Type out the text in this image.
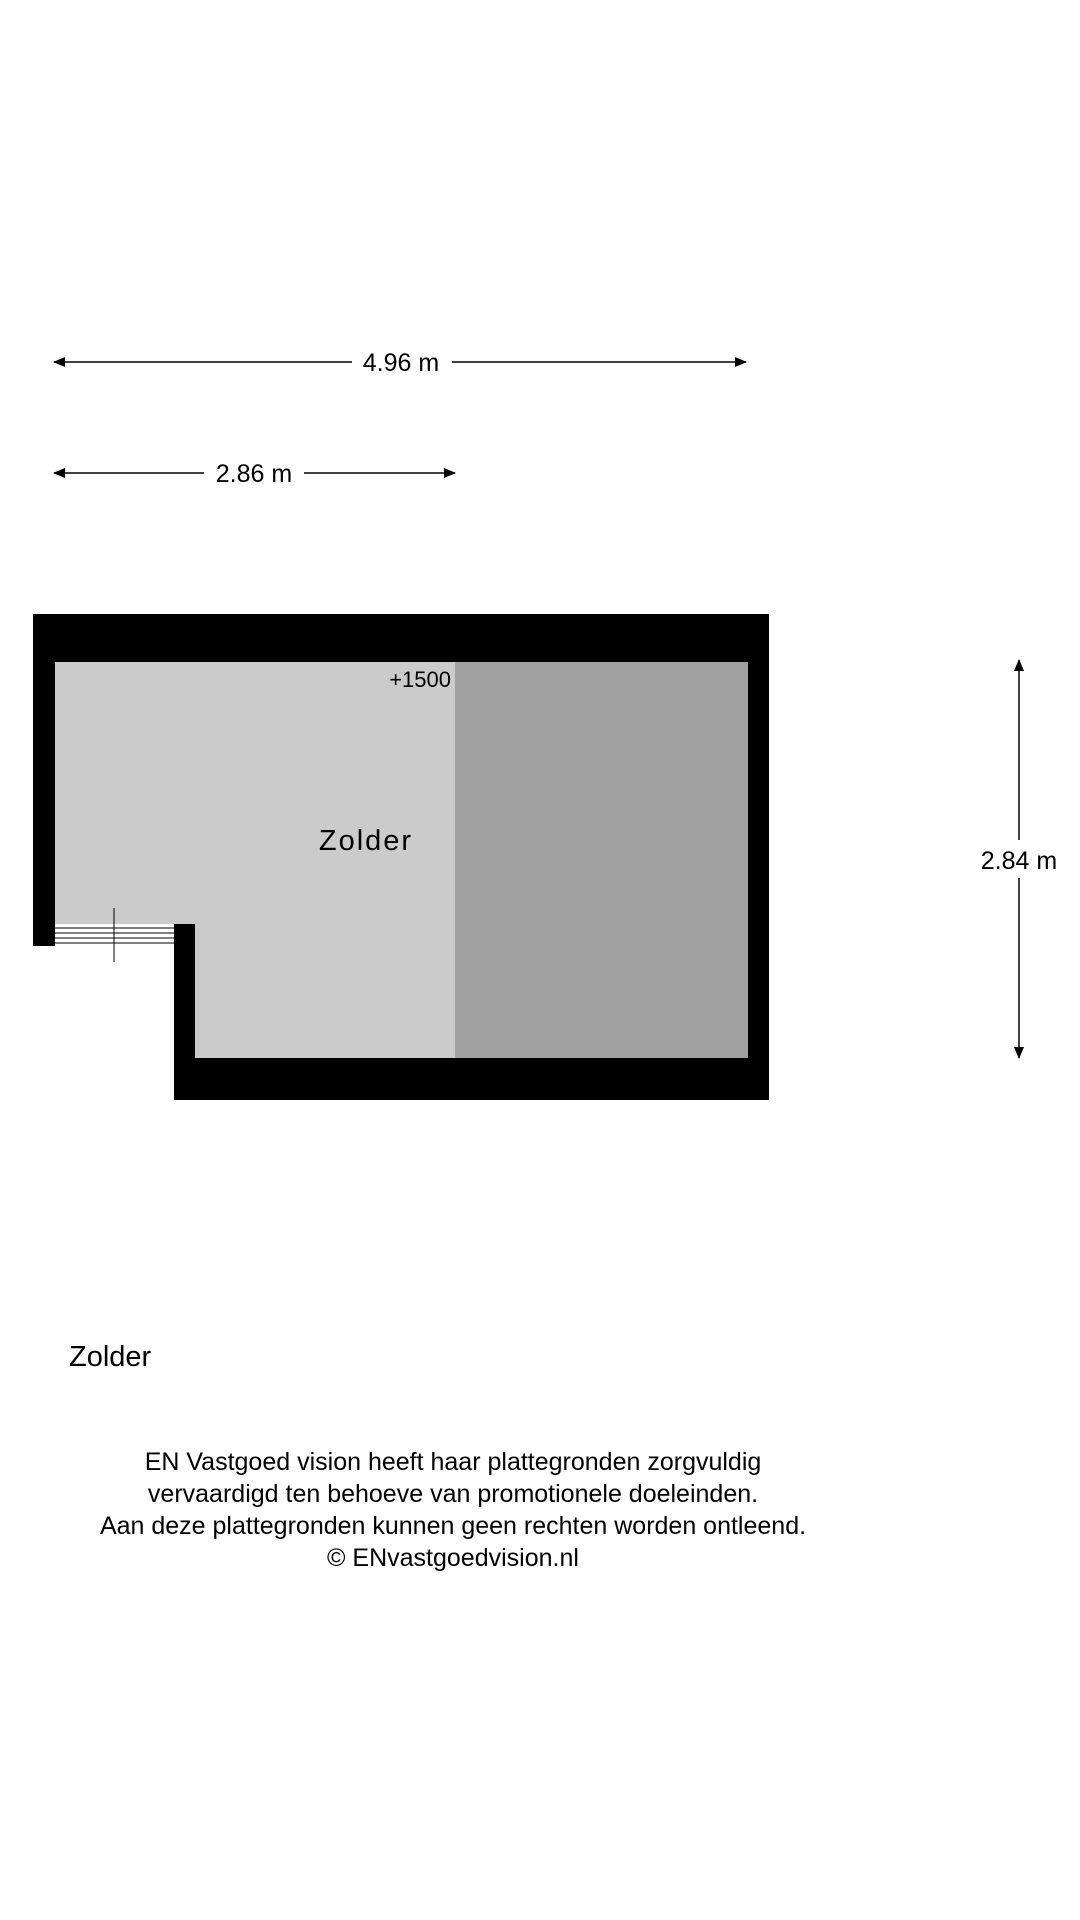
4.96 m
2.86 m
2.84 m
+1500
Zolder
Zolder
EN Vastgoed vision heeft haar plattegronden zorgvuldig
vervaardigd ten behoeve van promotionele doeleinden.
Aan deze plattegronden kunnen geen rechten worden ontleend.
© ENvastgoedvision.nl
